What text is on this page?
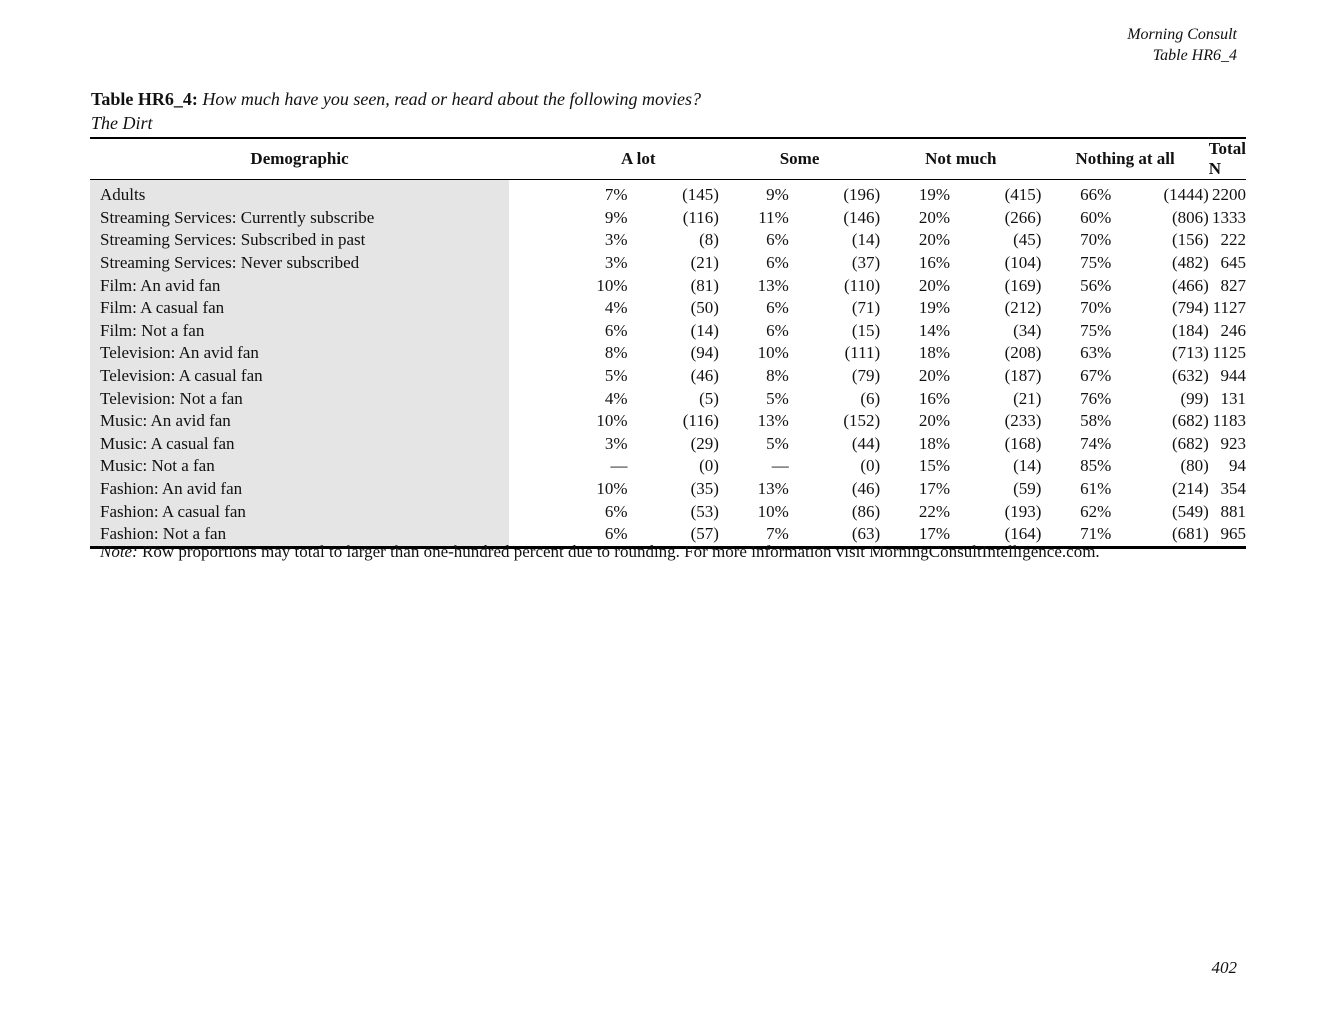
Morning Consult
Table HR6_4
Table HR6_4: How much have you seen, read or heard about the following movies?
The Dirt
Demographic		A lot		Some		Not much		Nothing at all		Total N	

Adults		7%	(145)	9%	(196)	19%	(415)	66%	(1444)	2200	
Streaming Services: Currently subscribe		9%	(116)	11%	(146)	20%	(266)	60%	(806)	1333	
Streaming Services: Subscribed in past		3%	(8)	6%	(14)	20%	(45)	70%	(156)	222	
Streaming Services: Never subscribed		3%	(21)	6%	(37)	16%	(104)	75%	(482)	645	
Film: An avid fan		10%	(81)	13%	(110)	20%	(169)	56%	(466)	827	
Film: A casual fan		4%	(50)	6%	(71)	19%	(212)	70%	(794)	1127	
Film: Not a fan		6%	(14)	6%	(15)	14%	(34)	75%	(184)	246	
Television: An avid fan		8%	(94)	10%	(111)	18%	(208)	63%	(713)	1125	
Television: A casual fan		5%	(46)	8%	(79)	20%	(187)	67%	(632)	944	
Television: Not a fan		4%	(5)	5%	(6)	16%	(21)	76%	(99)	131	
Music: An avid fan		10%	(116)	13%	(152)	20%	(233)	58%	(682)	1183	
Music: A casual fan		3%	(29)	5%	(44)	18%	(168)	74%	(682)	923	
Music: Not a fan		—	(0)	—	(0)	15%	(14)	85%	(80)	94	
Fashion: An avid fan		10%	(35)	13%	(46)	17%	(59)	61%	(214)	354	
Fashion: A casual fan		6%	(53)	10%	(86)	22%	(193)	62%	(549)	881	
Fashion: Not a fan		6%	(57)	7%	(63)	17%	(164)	71%	(681)	965	
Note: Row proportions may total to larger than one-hundred percent due to rounding. For more information visit MorningConsultIntelligence.com.
402
